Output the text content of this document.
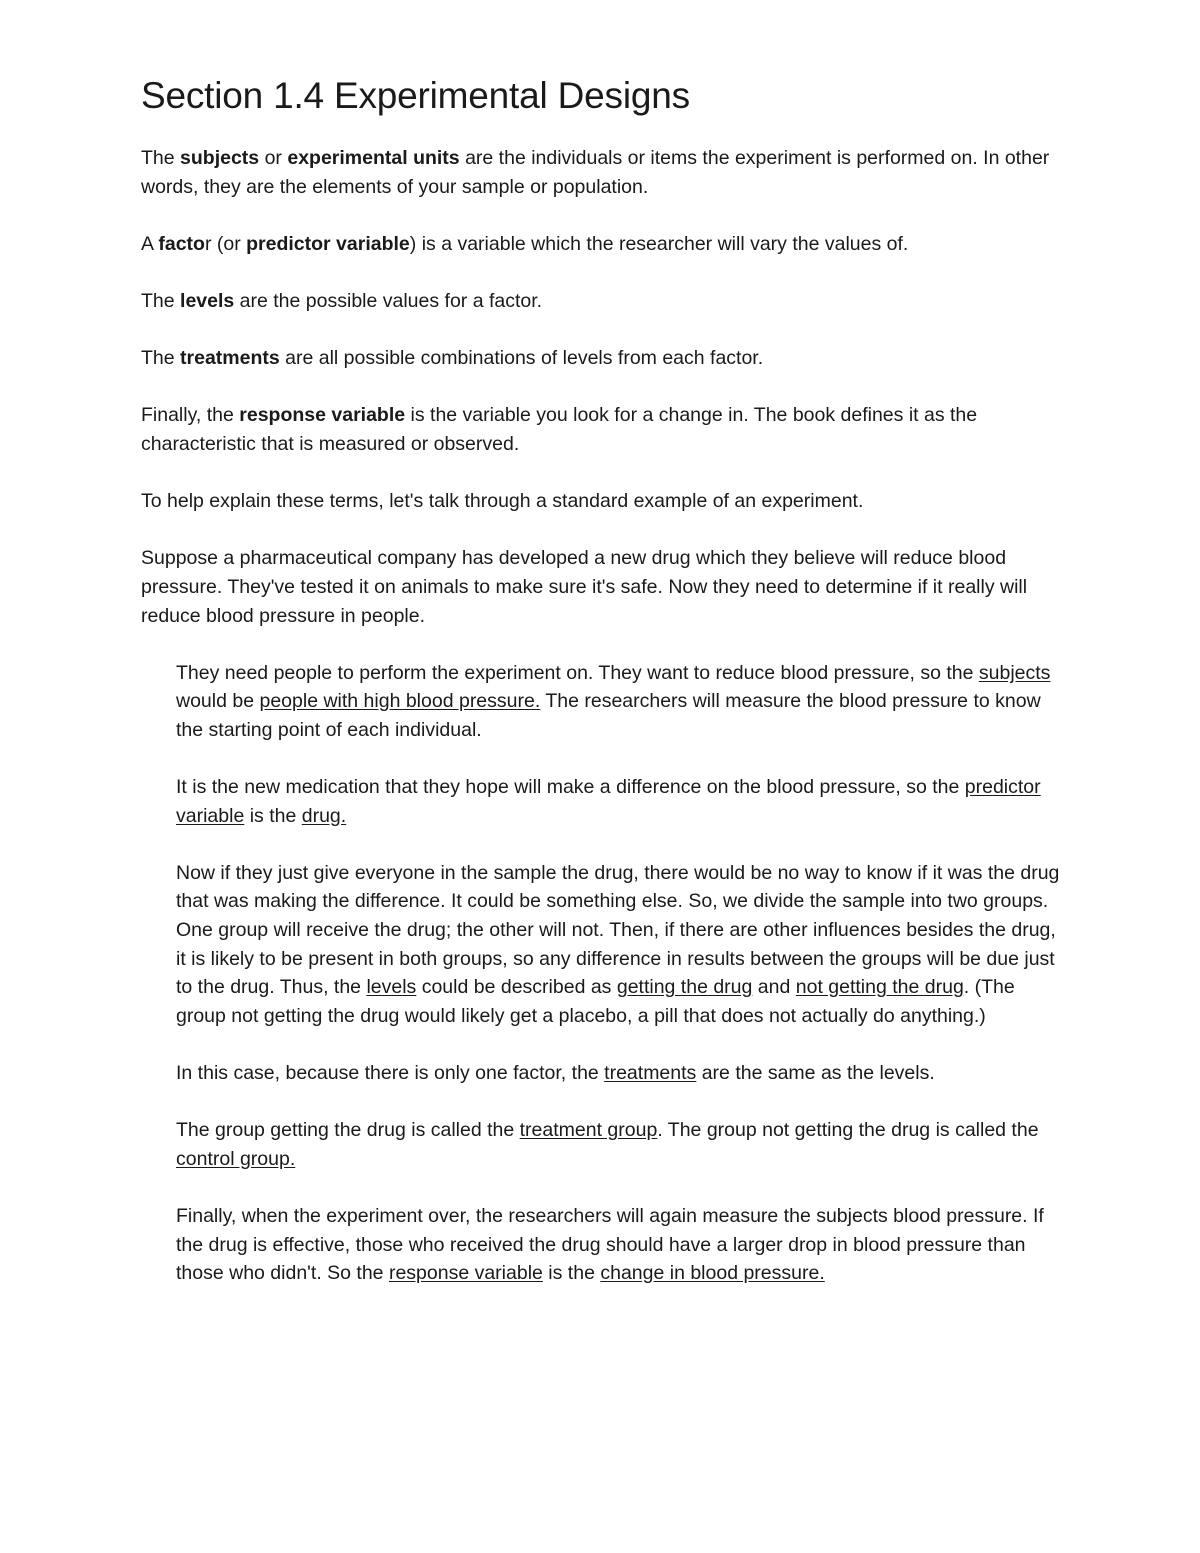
Section 1.4 Experimental Designs

The subjects or experimental units are the individuals or items the experiment is performed on. In other words, they are the elements of your sample or population.

A factor (or predictor variable) is a variable which the researcher will vary the values of.

The levels are the possible values for a factor.

The treatments are all possible combinations of levels from each factor.

Finally, the response variable is the variable you look for a change in. The book defines it as the characteristic that is measured or observed.

To help explain these terms, let's talk through a standard example of an experiment.

Suppose a pharmaceutical company has developed a new drug which they believe will reduce blood pressure. They've tested it on animals to make sure it's safe. Now they need to determine if it really will reduce blood pressure in people.

They need people to perform the experiment on. They want to reduce blood pressure, so the subjects would be people with high blood pressure. The researchers will measure the blood pressure to know the starting point of each individual.

It is the new medication that they hope will make a difference on the blood pressure, so the predictor variable is the drug.

Now if they just give everyone in the sample the drug, there would be no way to know if it was the drug that was making the difference. It could be something else. So, we divide the sample into two groups. One group will receive the drug; the other will not. Then, if there are other influences besides the drug, it is likely to be present in both groups, so any difference in results between the groups will be due just to the drug. Thus, the levels could be described as getting the drug and not getting the drug. (The group not getting the drug would likely get a placebo, a pill that does not actually do anything.)

In this case, because there is only one factor, the treatments are the same as the levels.

The group getting the drug is called the treatment group. The group not getting the drug is called the control group.

Finally, when the experiment over, the researchers will again measure the subjects blood pressure. If the drug is effective, those who received the drug should have a larger drop in blood pressure than those who didn't. So the response variable is the change in blood pressure.
